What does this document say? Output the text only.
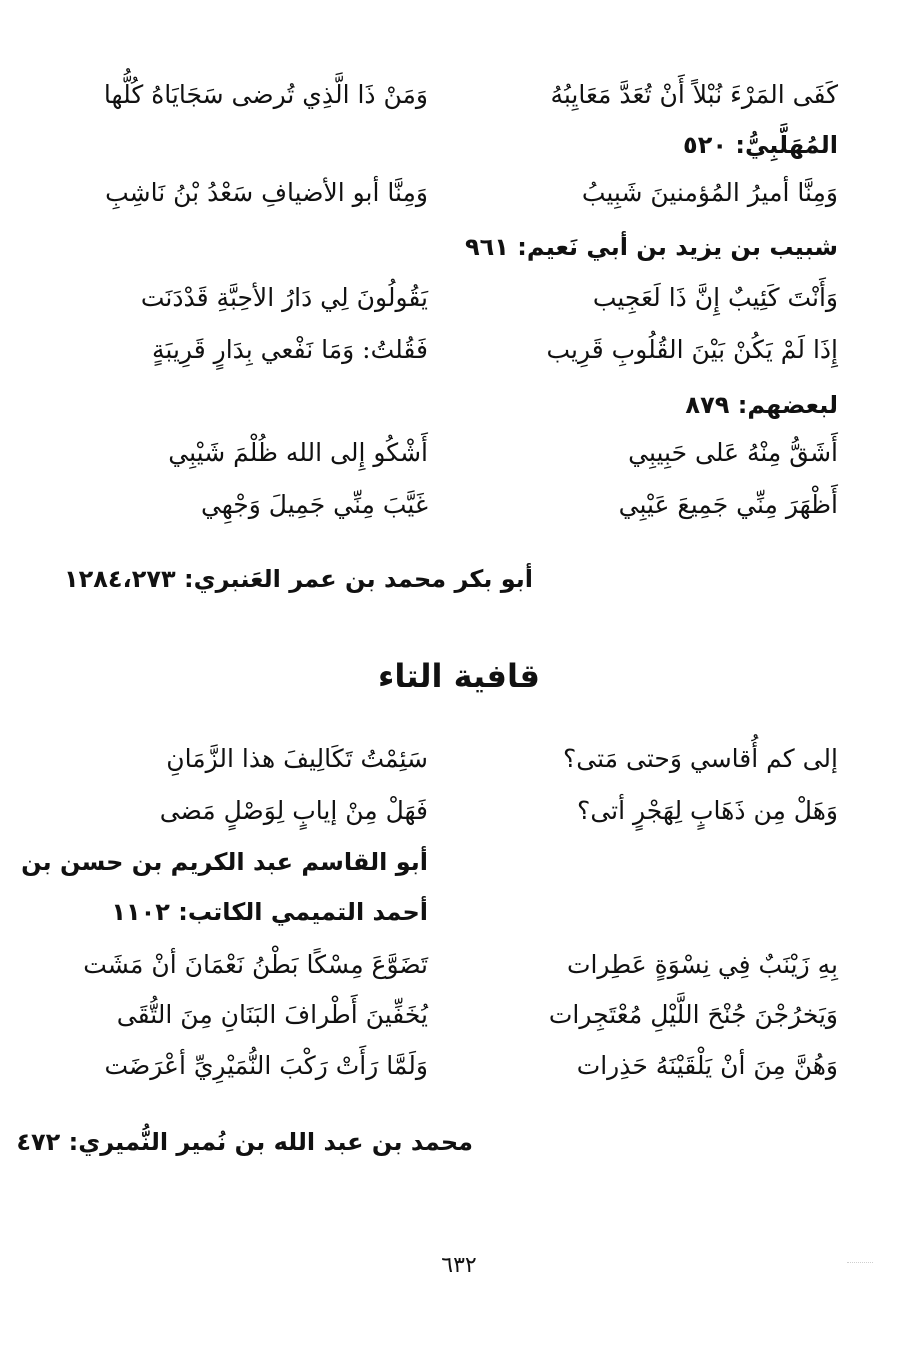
وَمَنْ ذَا الَّذِي تُرضى سَجَايَاهُ كُلُّها	كَفَى المَرْءَ نُبْلاً أَنْ تُعَدَّ مَعَايِبُهُ
المُهَلَّبِيُّ: ٥٢٠
وَمِنَّا أبو الأضيافِ سَعْدُ بْنُ نَاشِبِ	وَمِنَّا أميرُ المُؤمنينَ شَبِيبُ
شبيب بن يزيد بن أبي نَعيم: ٩٦١
يَقُولُونَ لِي دَارُ الأحِبَّةِ قَدْدَنَت	وَأَنْتَ كَئِيبٌ إِنَّ ذَا لَعَجِيب
فَقُلتُ: وَمَا نَفْعي بِدَارٍ قَرِيبَةٍ	إِذَا لَمْ يَكُنْ بَيْنَ القُلُوبِ قَرِيب
لبعضهم: ٨٧٩
أَشْكُو إِلى الله ظُلْمَ شَيْبِي	أَشَقُّ مِنْهُ عَلى حَبِيبِي
غَيَّبَ مِنِّي جَمِيلَ وَجْهِي	أَظْهَرَ مِنِّي جَمِيعَ عَيْبِي
أبو بكر محمد بن عمر العَنبري: ١٢٨٤،٢٧٣
قافية التاء
سَئِمْتُ تَكَالِيفَ هذا الزَّمَانِ	إلى كم أُقاسي وَحتى مَتى؟
فَهَلْ مِنْ إيابٍ لِوَصْلٍ مَضى	وَهَلْ مِن ذَهَابٍ لِهَجْرٍ أتى؟
أبو القاسم عبد الكريم بن حسن بن
أحمد التميمي الكاتب: ١١٠٢
تَضَوَّعَ مِسْكًا بَطْنُ نَعْمَانَ أنْ مَشَت	بِهِ زَيْنَبٌ فِي نِسْوَةٍ عَطِرات
يُخَفِّينَ أَطْرافَ البَنَانِ مِنَ التُّقَى	وَيَخرُجْنَ جُنْحَ اللَّيْلِ مُعْتَجِرات
وَلَمَّا رَأَتْ رَكْبَ النُّمَيْرِيِّ أعْرَضَت	وَهُنَّ مِنَ أنْ يَلْقَيْنَهُ حَذِرات
محمد بن عبد الله بن نُمير النُّميري: ٤٧٢
٦٣٢
